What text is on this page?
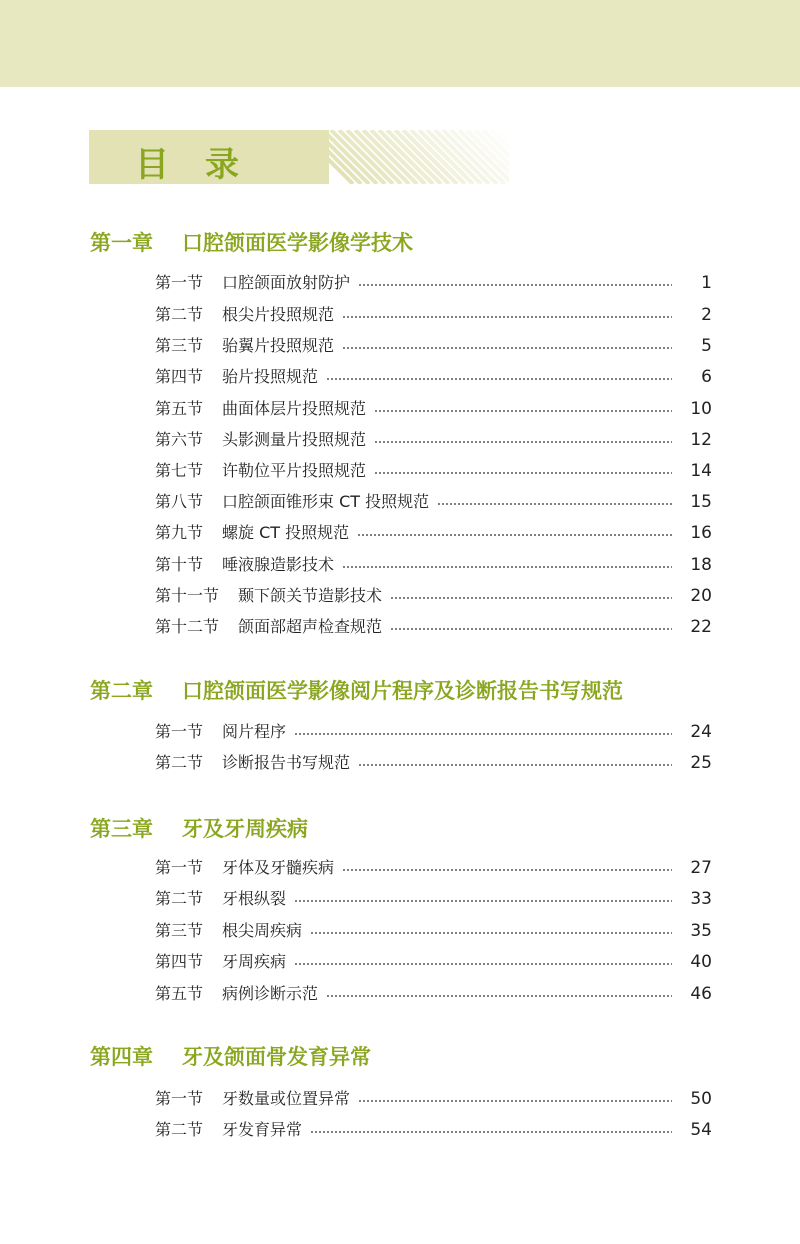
目录
第一章 口腔颌面医学影像学技术
第一节 口腔颌面放射防护	1
第二节 根尖片投照规范	2
第三节 骀翼片投照规范	5
第四节 骀片投照规范	6
第五节 曲面体层片投照规范	10
第六节 头影测量片投照规范	12
第七节 许勒位平片投照规范	14
第八节 口腔颌面锥形束 CT 投照规范	15
第九节 螺旋 CT 投照规范	16
第十节 唾液腺造影技术	18
第十一节 颞下颌关节造影技术	20
第十二节 颌面部超声检查规范	22
第二章 口腔颌面医学影像阅片程序及诊断报告书写规范
第一节 阅片程序	24
第二节 诊断报告书写规范	25
第三章 牙及牙周疾病
第一节 牙体及牙髓疾病	27
第二节 牙根纵裂	33
第三节 根尖周疾病	35
第四节 牙周疾病	40
第五节 病例诊断示范	46
第四章 牙及颌面骨发育异常
第一节 牙数量或位置异常	50
第二节 牙发育异常	54
